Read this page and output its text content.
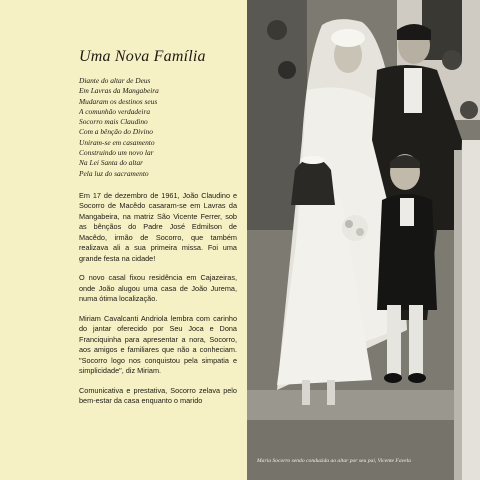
Uma Nova Família
Diante do altar de Deus
Em Lavras da Mangabeira
Mudaram os destinos seus
A comunhão verdadeira
Socorro mais Claudino
Com a bênção do Divino
Uniram-se em casamento
Construindo um novo lar
Na Lei Santa do altar
Pela luz do sacramento

Em 17 de dezembro de 1961, João Claudino e Socorro de Macêdo casaram-se em Lavras da Mangabeira, na matriz São Vicente Ferrer, sob as bênçãos do Padre José Edmilson de Macêdo, irmão de Socorro, que também realizava ali a sua primeira missa. Foi uma grande festa na cidade!

O novo casal fixou residência em Cajazeiras, onde João alugou uma casa de João Jurema, numa ótima localização.

Miriam Cavalcanti Andriola lembra com carinho do jantar oferecido por Seu Joca e Dona Franciquinha para apresentar a nora, Socorro, aos amigos e familiares que não a conheciam. "Socorro logo nos conquistou pela simpatia e simplicidade", diz Miriam.

Comunicativa e prestativa, Socorro zelava pelo bem-estar da casa enquanto o marido

Maria Socorro sendo conduzida ao altar por seu pai, Vicente Favela
